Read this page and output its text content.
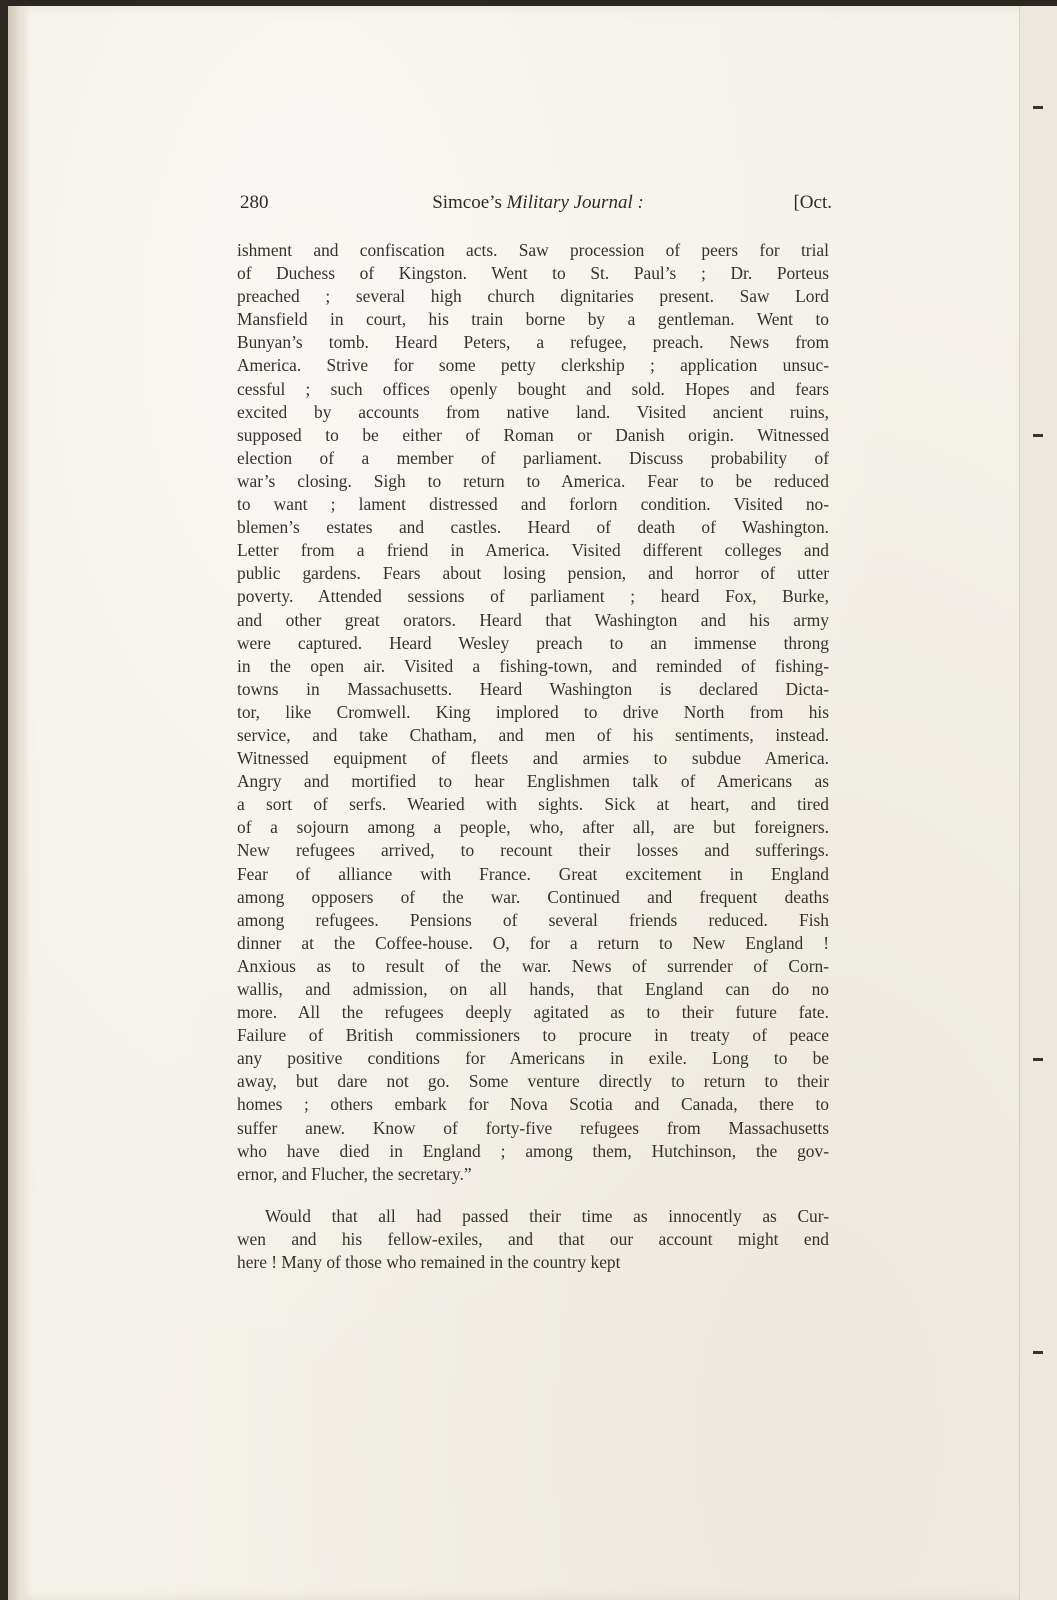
280	Simcoe’s Military Journal :	[Oct.
ishment and confiscation acts. Saw procession of peers for trial
of Duchess of Kingston. Went to St. Paul’s ; Dr. Porteus
preached ; several high church dignitaries present. Saw Lord
Mansfield in court, his train borne by a gentleman. Went to
Bunyan’s tomb. Heard Peters, a refugee, preach. News from
America. Strive for some petty clerkship ; application unsuc-
cessful ; such offices openly bought and sold. Hopes and fears
excited by accounts from native land. Visited ancient ruins,
supposed to be either of Roman or Danish origin. Witnessed
election of a member of parliament. Discuss probability of
war’s closing. Sigh to return to America. Fear to be reduced
to want ; lament distressed and forlorn condition. Visited no-
blemen’s estates and castles. Heard of death of Washington.
Letter from a friend in America. Visited different colleges and
public gardens. Fears about losing pension, and horror of utter
poverty. Attended sessions of parliament ; heard Fox, Burke,
and other great orators. Heard that Washington and his army
were captured. Heard Wesley preach to an immense throng
in the open air. Visited a fishing-town, and reminded of fishing-
towns in Massachusetts. Heard Washington is declared Dicta-
tor, like Cromwell. King implored to drive North from his
service, and take Chatham, and men of his sentiments, instead.
Witnessed equipment of fleets and armies to subdue America.
Angry and mortified to hear Englishmen talk of Americans as
a sort of serfs. Wearied with sights. Sick at heart, and tired
of a sojourn among a people, who, after all, are but foreigners.
New refugees arrived, to recount their losses and sufferings.
Fear of alliance with France. Great excitement in England
among opposers of the war. Continued and frequent deaths
among refugees. Pensions of several friends reduced. Fish
dinner at the Coffee-house. O, for a return to New England !
Anxious as to result of the war. News of surrender of Corn-
wallis, and admission, on all hands, that England can do no
more. All the refugees deeply agitated as to their future fate.
Failure of British commissioners to procure in treaty of peace
any positive conditions for Americans in exile. Long to be
away, but dare not go. Some venture directly to return to their
homes ; others embark for Nova Scotia and Canada, there to
suffer anew. Know of forty-five refugees from Massachusetts
who have died in England ; among them, Hutchinson, the gov-
ernor, and Flucher, the secretary.”
Would that all had passed their time as innocently as Cur-
wen and his fellow-exiles, and that our account might end
here ! Many of those who remained in the country kept
